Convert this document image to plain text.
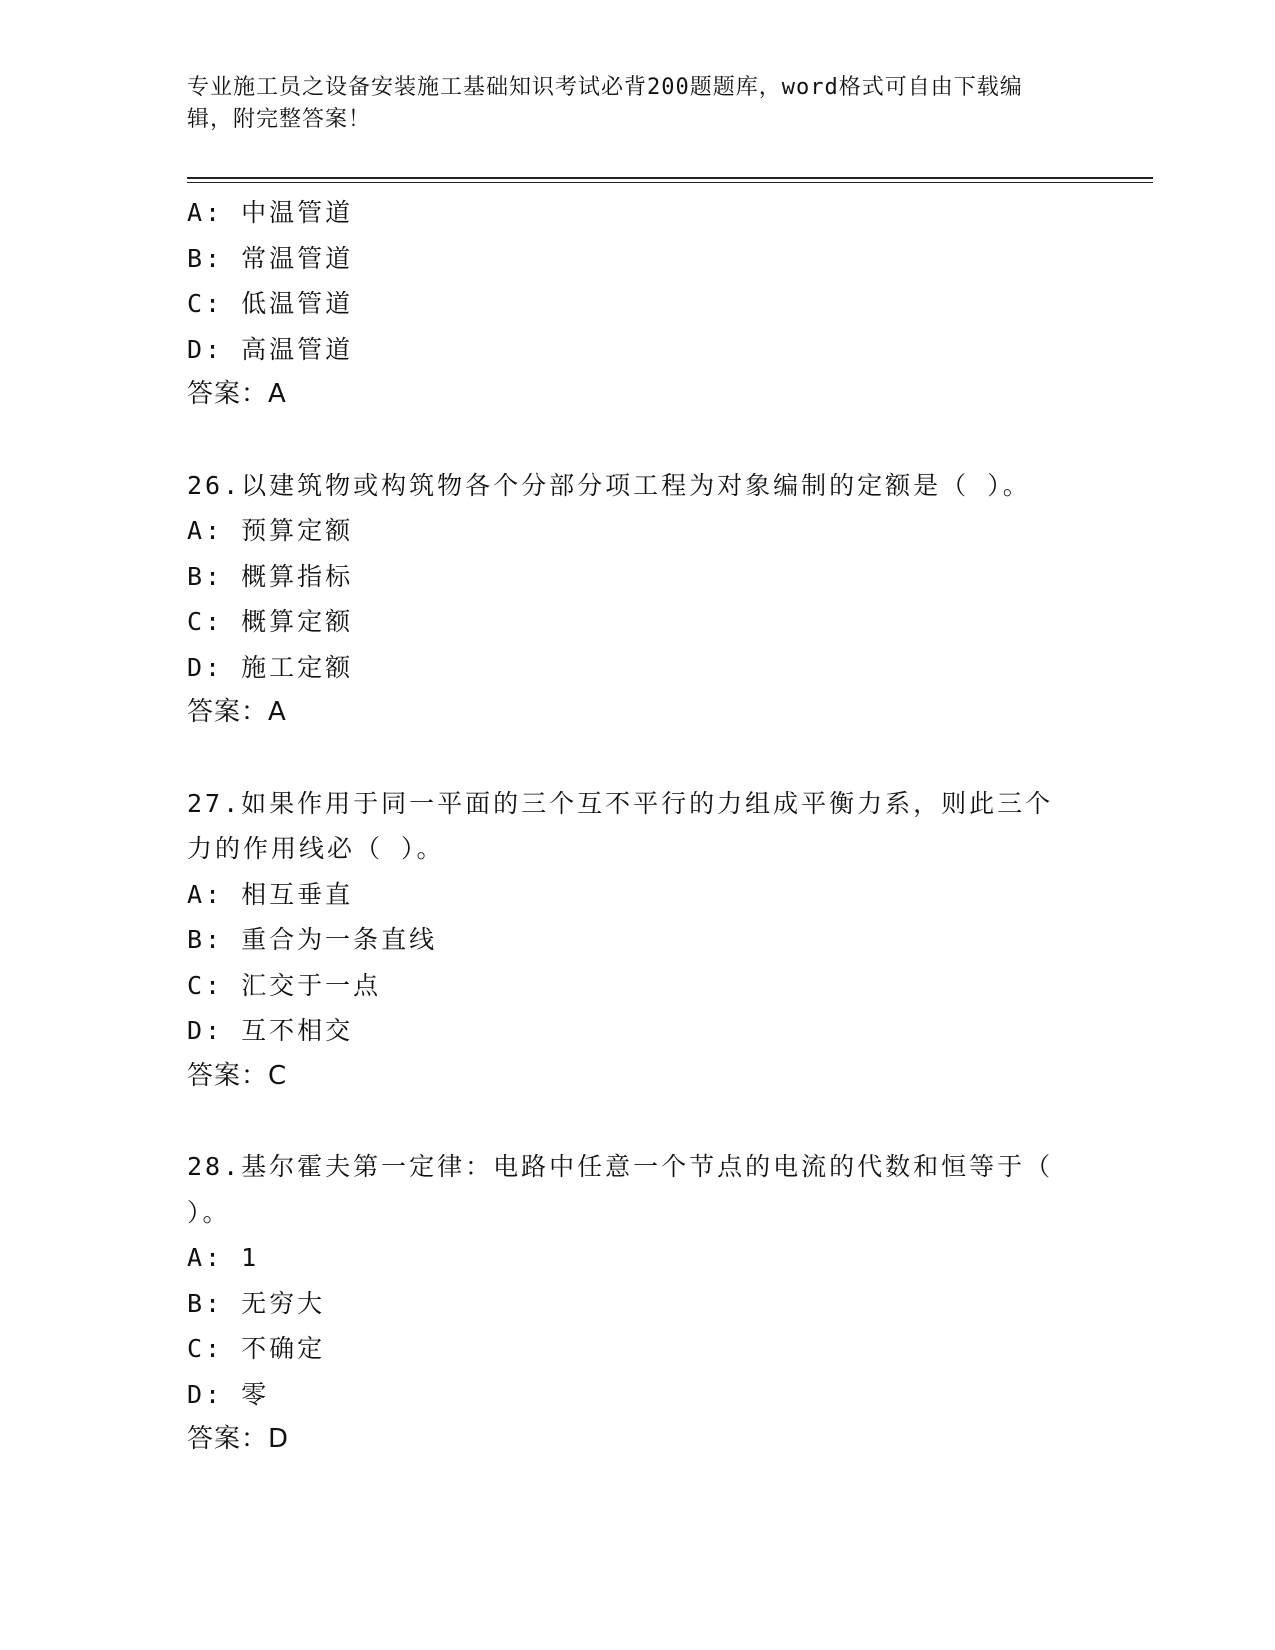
专业施工员之设备安装施工基础知识考试必背200题题库，word格式可自由下载编辑，附完整答案！
A: 中温管道
B: 常温管道
C: 低温管道
D: 高温管道
答案：A
26.以建筑物或构筑物各个分部分项工程为对象编制的定额是（ ）。
A: 预算定额
B: 概算指标
C: 概算定额
D: 施工定额
答案：A
27.如果作用于同一平面的三个互不平行的力组成平衡力系，则此三个力的作用线必（ ）。
A: 相互垂直
B: 重合为一条直线
C: 汇交于一点
D: 互不相交
答案：C
28.基尔霍夫第一定律：电路中任意一个节点的电流的代数和恒等于（ ）。
A: 1
B: 无穷大
C: 不确定
D: 零
答案：D
